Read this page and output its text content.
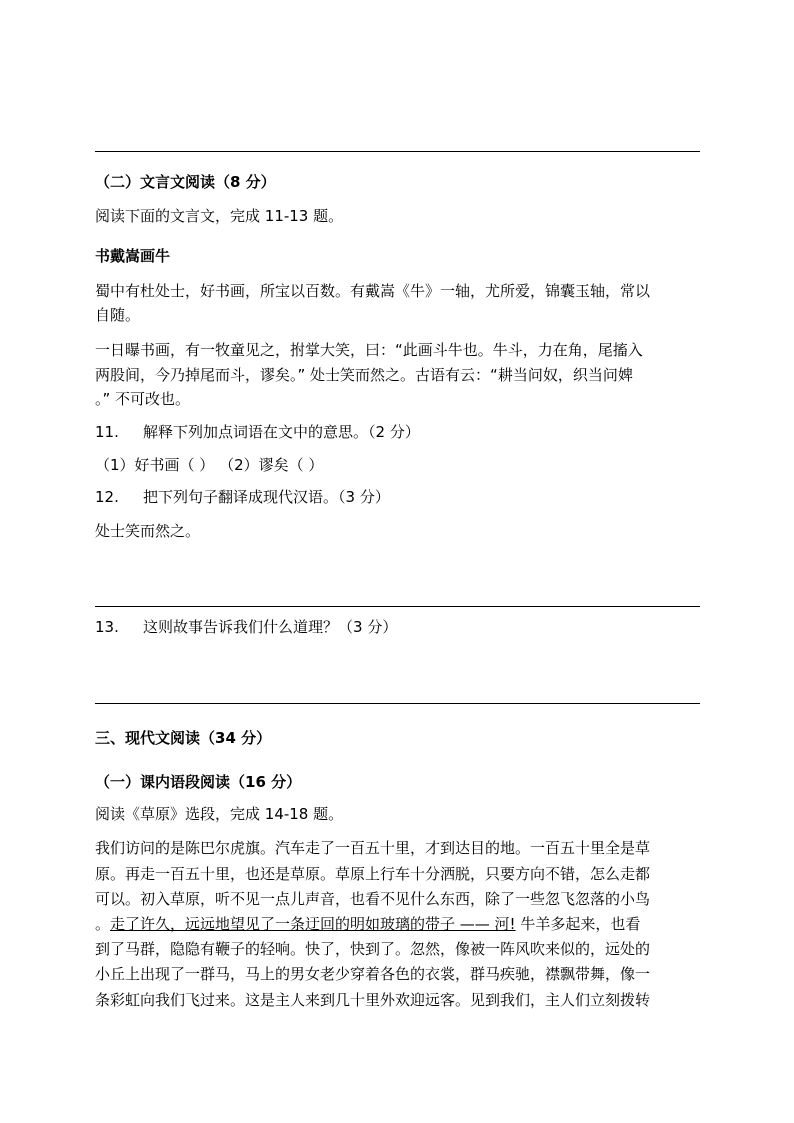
（二）文言文阅读（8 分）
阅读下面的文言文，完成 11-13 题。
书戴嵩画牛
蜀中有杜处士，好书画，所宝以百数。有戴嵩《牛》一轴，尤所爱，锦囊玉轴，常以
自随。
一日曝书画，有一牧童见之，拊掌大笑，曰：“此画斗牛也。牛斗，力在角，尾搐入
两股间，今乃掉尾而斗，谬矣。” 处士笑而然之。古语有云：“耕当问奴，织当问婢
。” 不可改也。
11. 解释下列加点词语在文中的意思。（2 分）
（1）好书画（ ） （2）谬矣（ ）
12. 把下列句子翻译成现代汉语。（3 分）
处士笑而然之。
13. 这则故事告诉我们什么道理？（3 分）
三、现代文阅读（34 分）
（一）课内语段阅读（16 分）
阅读《草原》选段，完成 14-18 题。
我们访问的是陈巴尔虎旗。汽车走了一百五十里，才到达目的地。一百五十里全是草
原。再走一百五十里，也还是草原。草原上行车十分洒脱，只要方向不错，怎么走都
可以。初入草原，听不见一点儿声音，也看不见什么东西，除了一些忽飞忽落的小鸟
。走了许久，远远地望见了一条迂回的明如玻璃的带子 —— 河! 牛羊多起来，也看
到了马群，隐隐有鞭子的轻响。快了，快到了。忽然，像被一阵风吹来似的，远处的
小丘上出现了一群马，马上的男女老少穿着各色的衣裳，群马疾驰，襟飘带舞，像一
条彩虹向我们飞过来。这是主人来到几十里外欢迎远客。见到我们，主人们立刻拨转
